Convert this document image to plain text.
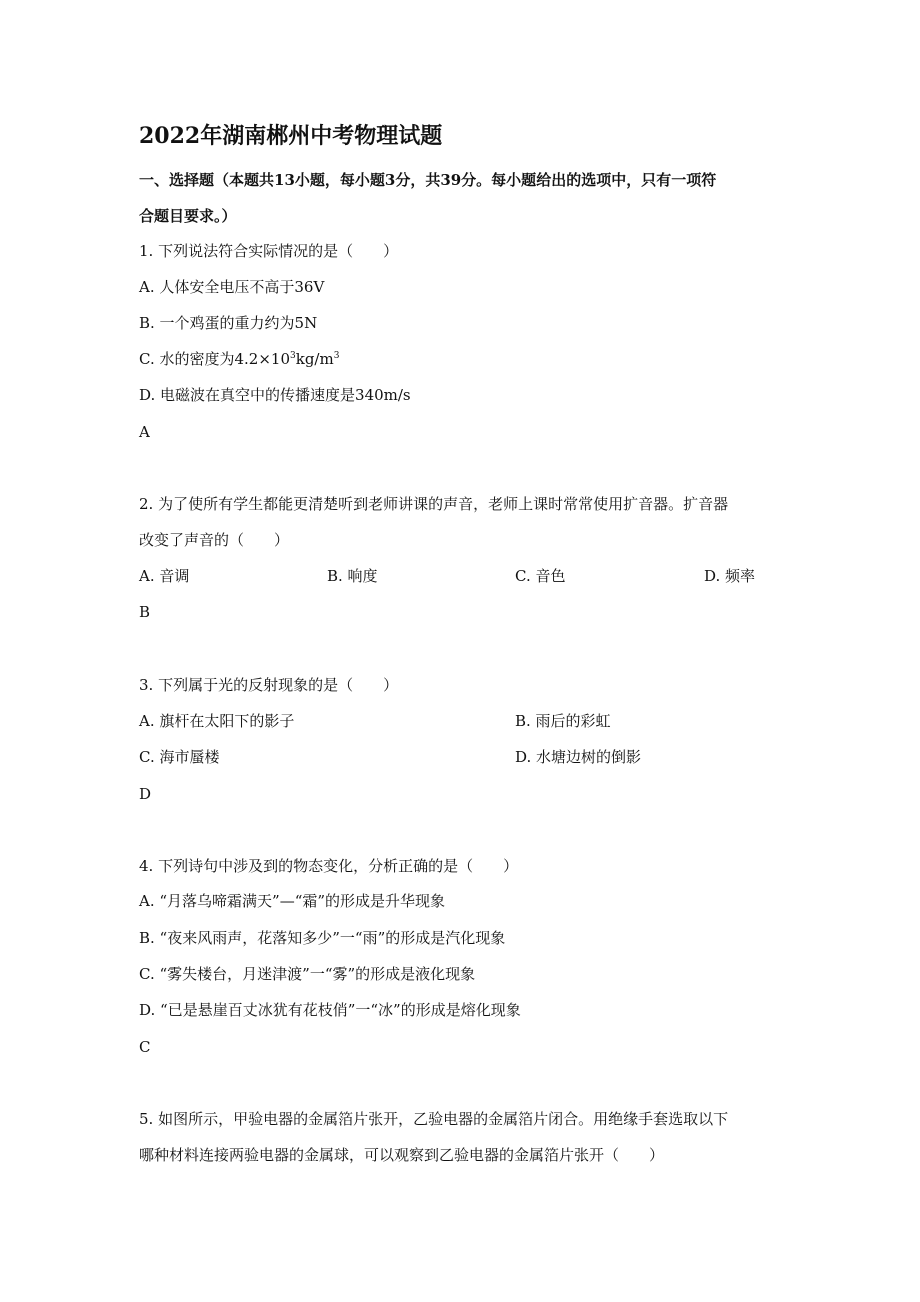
2022年湖南郴州中考物理试题
一、选择题（本题共13小题，每小题3分，共39分。每小题给出的选项中，只有一项符
合题目要求。）
1. 下列说法符合实际情况的是（　　）
A. 人体安全电压不高于36V
B. 一个鸡蛋的重力约为5N
C. 水的密度为$4.2\times 10^3kg/m^3$
D. 电磁波在真空中的传播速度是340m/s
A
2. 为了使所有学生都能更清楚听到老师讲课的声音，老师上课时常常使用扩音器。扩音器
改变了声音的（　　）
A. 音调	B. 响度	C. 音色	D. 频率
B
3. 下列属于光的反射现象的是（　　）
A. 旗杆在太阳下的影子	B. 雨后的彩虹
C. 海市蜃楼	D. 水塘边树的倒影
D
4. 下列诗句中涉及到的物态变化，分析正确的是（　　）
A. “月落乌啼霜满天”—“霜”的形成是升华现象
B. “夜来风雨声，花落知多少”一“雨”的形成是汽化现象
C. “雾失楼台，月迷津渡”一“雾”的形成是液化现象
D. “已是悬崖百丈冰犹有花枝俏”一“冰”的形成是熔化现象
C
5. 如图所示，甲验电器的金属箔片张开，乙验电器的金属箔片闭合。用绝缘手套选取以下
哪种材料连接两验电器的金属球，可以观察到乙验电器的金属箔片张开（　　）
